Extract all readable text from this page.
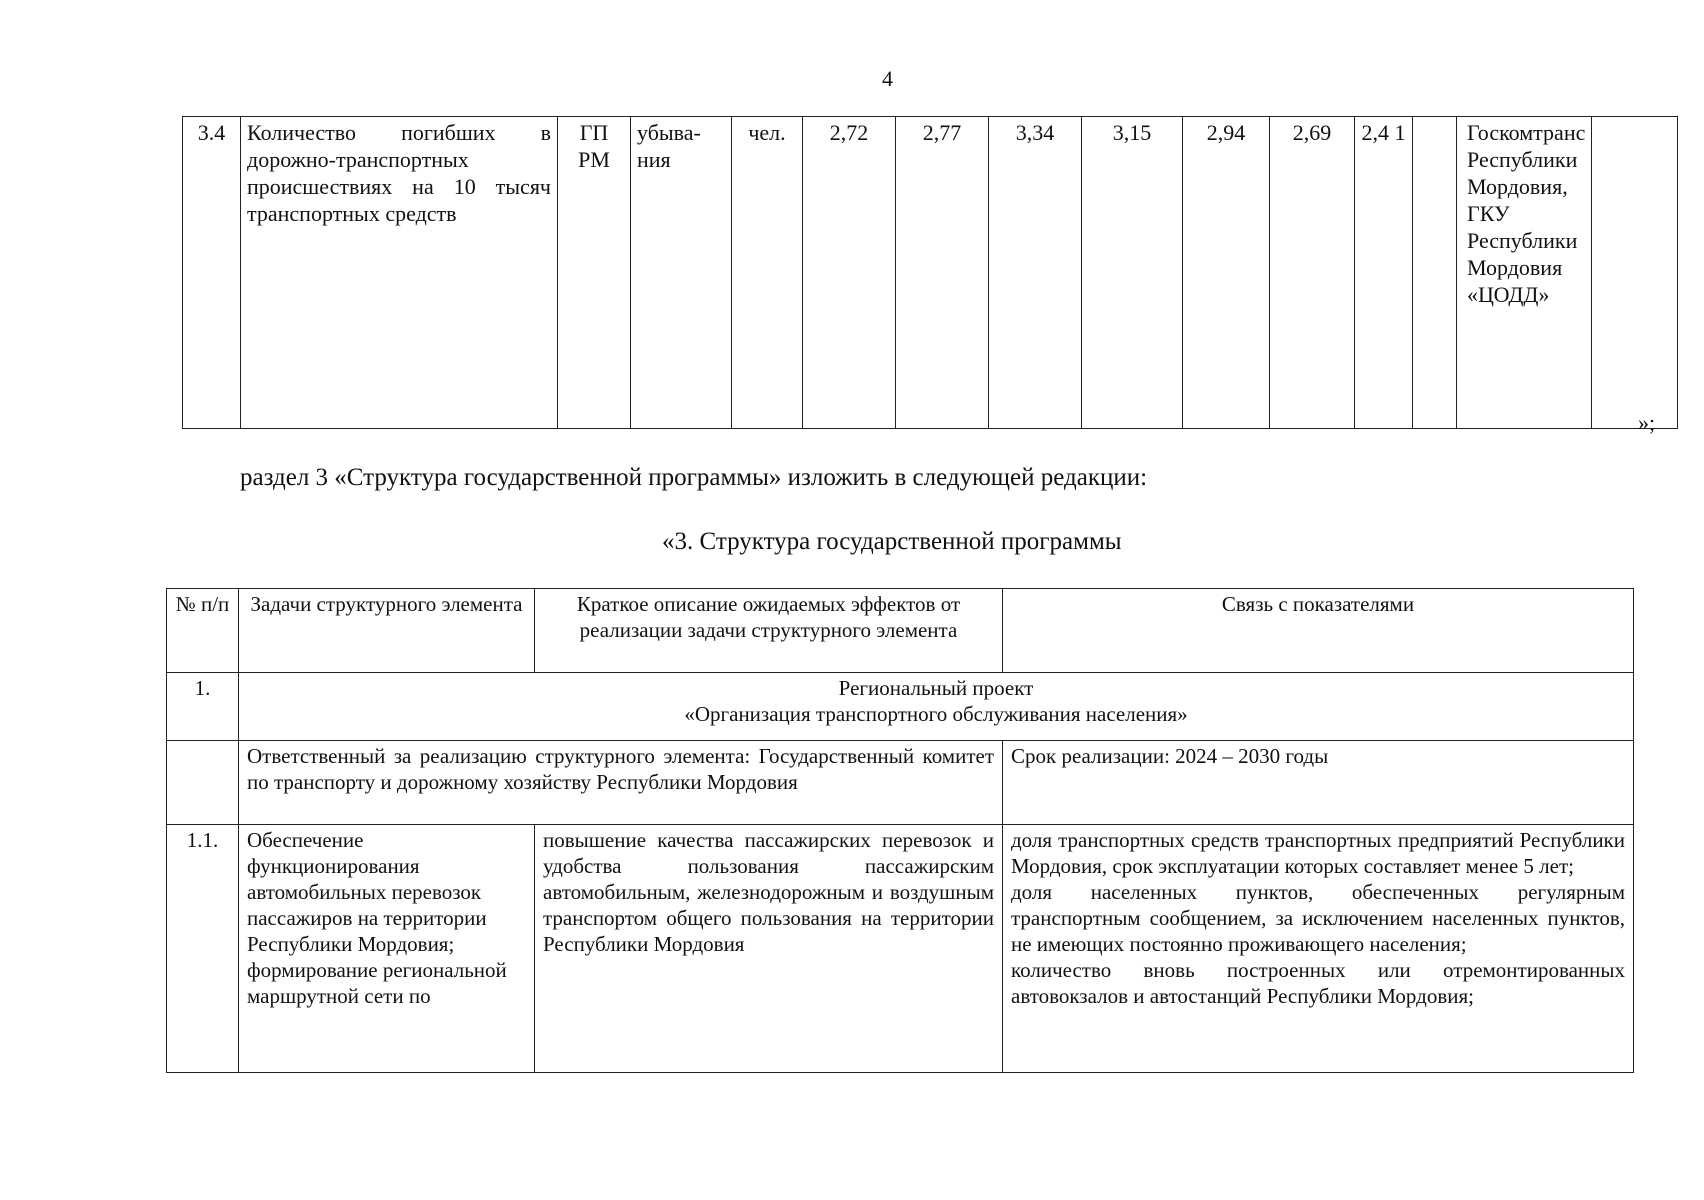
4
3.4	Количество погибших в дорожно-транспортных происшествиях на 10 тысяч транспортных средств	ГП РМ	убыва-ния	чел.	2,72	2,77	3,34	3,15	2,94	2,69	2,4 1		Госкомтранс Республики Мордовия, ГКУ Республики Мордовия «ЦОДД»	
»;
раздел 3 «Структура государственной программы» изложить в следующей редакции:
«3. Структура государственной программы
№ п/п	Задачи структурного элемента	Краткое описание ожидаемых эффектов от реализации задачи структурного элемента	Связь с показателями
1.	Региональный проект
«Организация транспортного обслуживания населения»		

	Ответственный за реализацию структурного элемента: Государственный комитет по транспорту и дорожному хозяйству Республики Мордовия		Срок реализации: 2024 – 2030 годы
1.1.	Обеспечение функционирования автомобильных перевозок пассажиров на территории Республики Мордовия; формирование региональной маршрутной сети по	повышение качества пассажирских перевозок и удобства пользования пассажирским автомобильным, железнодорожным и воздушным транспортом общего пользования на территории Республики Мордовия	доля транспортных средств транспортных предприятий Республики Мордовия, срок эксплуатации которых составляет менее 5 лет;
доля населенных пунктов, обеспеченных регулярным транспортным сообщением, за исключением населенных пунктов, не имеющих постоянно проживающего населения;
количество вновь построенных или отремонтированных автовокзалов и автостанций Республики Мордовия;
